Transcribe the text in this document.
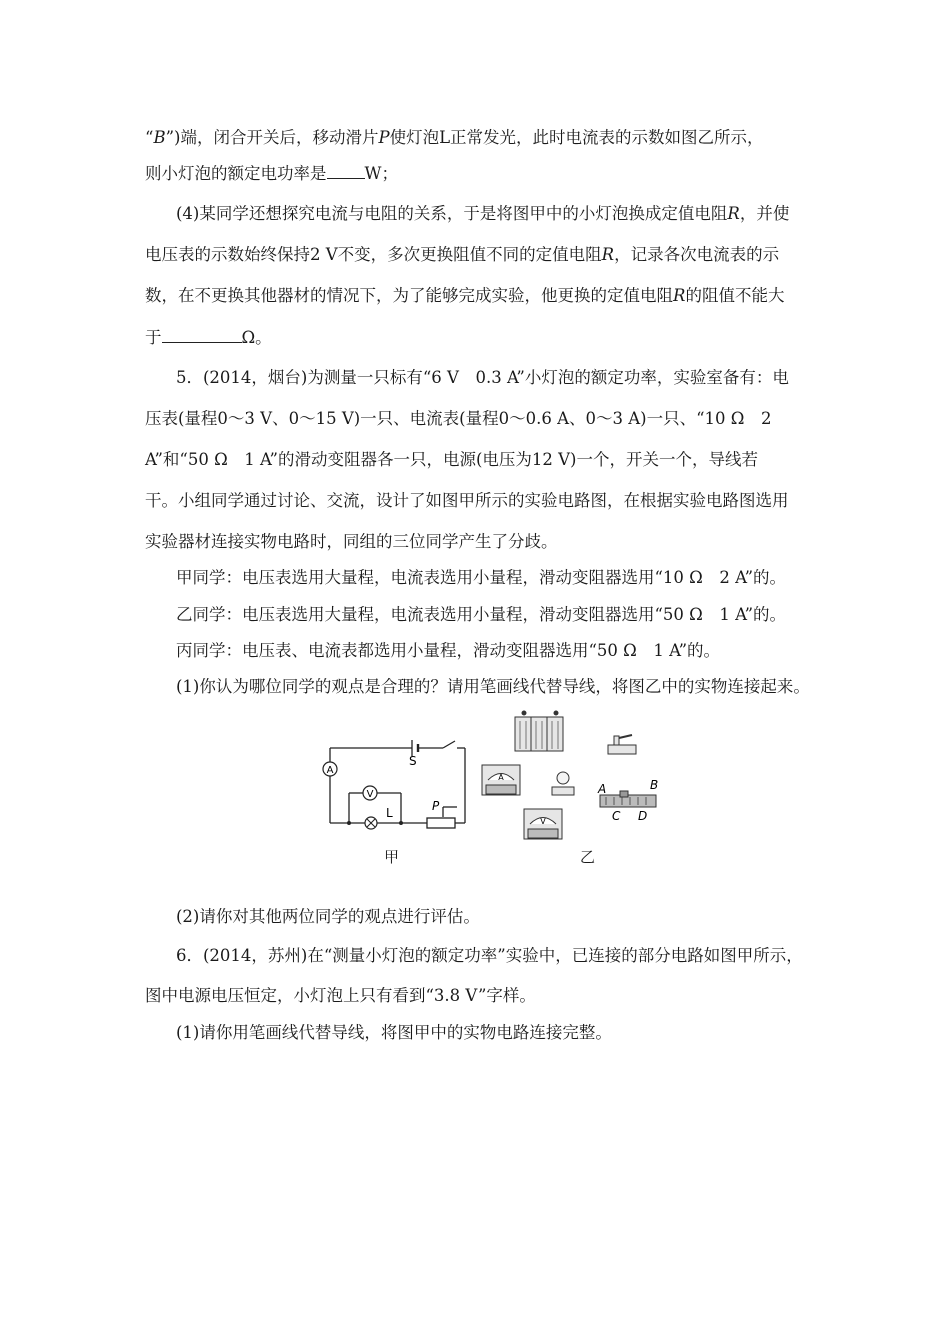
“B”)端，闭合开关后，移动滑片P使灯泡L正常发光，此时电流表的示数如图乙所示，
则小灯泡的额定电功率是 W；
(4)某同学还想探究电流与电阻的关系，于是将图甲中的小灯泡换成定值电阻R，并使
电压表的示数始终保持2 V不变，多次更换阻值不同的定值电阻R，记录各次电流表的示
数，在不更换其他器材的情况下，为了能够完成实验，他更换的定值电阻R的阻值不能大
于	Ω。
5．(2014，烟台)为测量一只标有“6 V　0.3 A”小灯泡的额定功率，实验室备有：电
压表(量程0～3 V、0～15 V)一只、电流表(量程0～0.6 A、0～3 A)一只、“10 Ω　2
A”和“50 Ω　1 A”的滑动变阻器各一只，电源(电压为12 V)一个，开关一个，导线若
干。小组同学通过讨论、交流，设计了如图甲所示的实验电路图，在根据实验电路图选用
实验器材连接实物电路时，同组的三位同学产生了分歧。
甲同学：电压表选用大量程，电流表选用小量程，滑动变阻器选用“10 Ω　2 A”的。
乙同学：电压表选用大量程，电流表选用小量程，滑动变阻器选用“50 Ω　1 A”的。
丙同学：电压表、电流表都选用小量程，滑动变阻器选用“50 Ω　1 A”的。
(1)你认为哪位同学的观点是合理的？请用笔画线代替导线，将图乙中的实物连接起来。
A
V
L
S
P
甲
A
V
A	B
C D
乙
(2)请你对其他两位同学的观点进行评估。
6．(2014，苏州)在“测量小灯泡的额定功率”实验中，已连接的部分电路如图甲所示，
图中电源电压恒定，小灯泡上只有看到“3.8 V”字样。
(1)请你用笔画线代替导线，将图甲中的实物电路连接完整。
